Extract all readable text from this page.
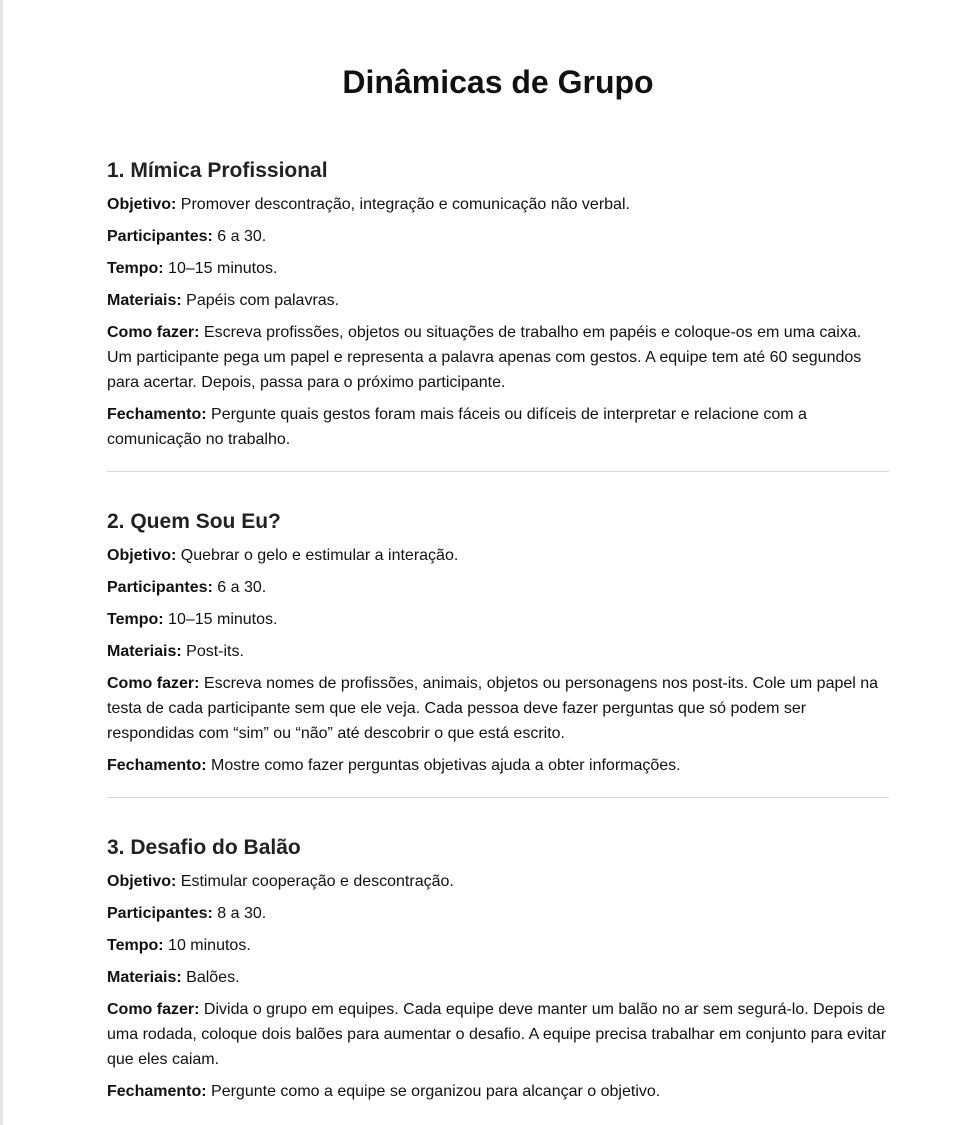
Dinâmicas de Grupo
1. Mímica Profissional

Objetivo: Promover descontração, integração e comunicação não verbal.

Participantes: 6 a 30.

Tempo: 10–15 minutos.

Materiais: Papéis com palavras.

Como fazer: Escreva profissões, objetos ou situações de trabalho em papéis e coloque-os em uma caixa. Um participante pega um papel e representa a palavra apenas com gestos. A equipe tem até 60 segundos para acertar. Depois, passa para o próximo participante.

Fechamento: Pergunte quais gestos foram mais fáceis ou difíceis de interpretar e relacione com a comunicação no trabalho.

2. Quem Sou Eu?

Objetivo: Quebrar o gelo e estimular a interação.

Participantes: 6 a 30.

Tempo: 10–15 minutos.

Materiais: Post-its.

Como fazer: Escreva nomes de profissões, animais, objetos ou personagens nos post-its. Cole um papel na testa de cada participante sem que ele veja. Cada pessoa deve fazer perguntas que só podem ser respondidas com “sim” ou “não” até descobrir o que está escrito.

Fechamento: Mostre como fazer perguntas objetivas ajuda a obter informações.

3. Desafio do Balão

Objetivo: Estimular cooperação e descontração.

Participantes: 8 a 30.

Tempo: 10 minutos.

Materiais: Balões.

Como fazer: Divida o grupo em equipes. Cada equipe deve manter um balão no ar sem segurá-lo. Depois de uma rodada, coloque dois balões para aumentar o desafio. A equipe precisa trabalhar em conjunto para evitar que eles caiam.

Fechamento: Pergunte como a equipe se organizou para alcançar o objetivo.
